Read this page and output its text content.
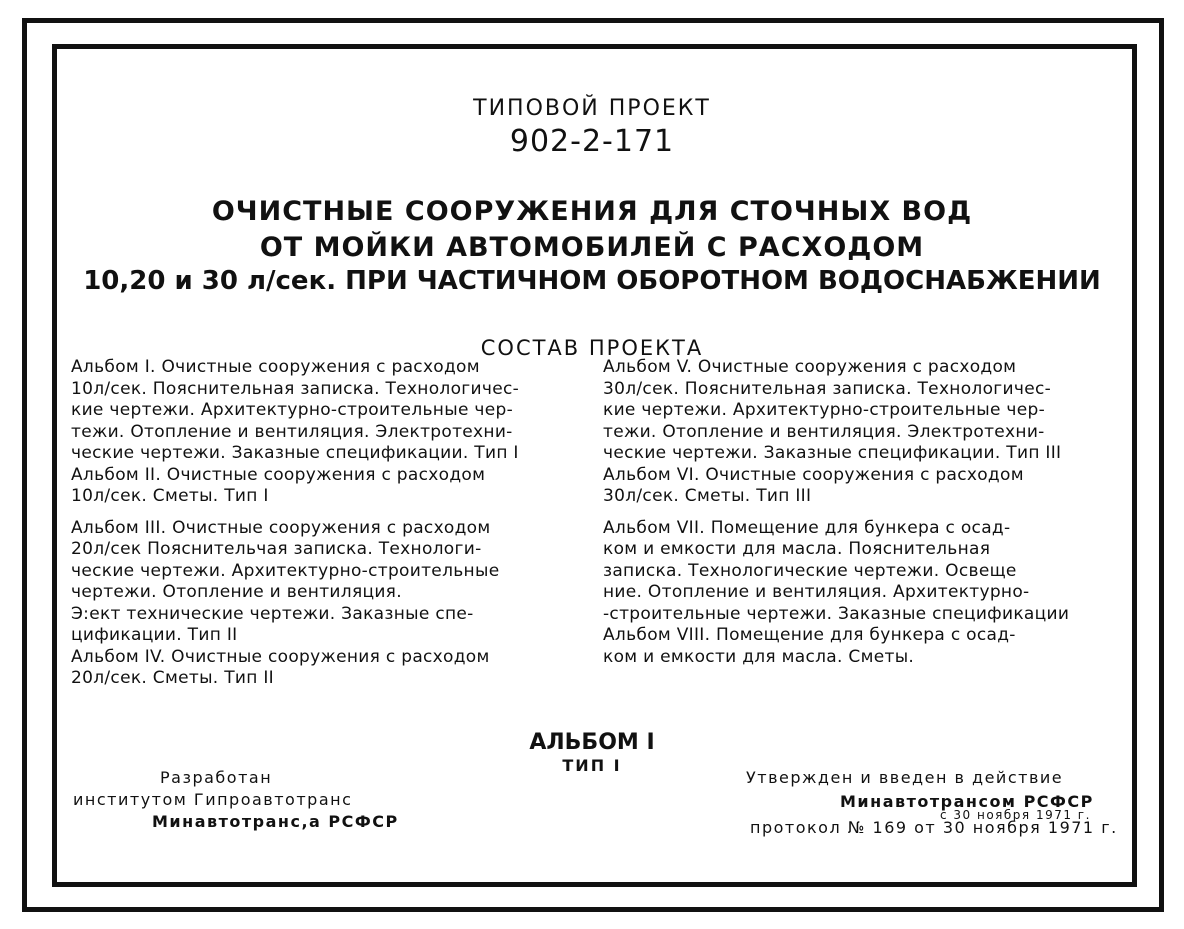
ТИПОВОЙ ПРОЕКТ
902-2-171
ОЧИСТНЫЕ СООРУЖЕНИЯ ДЛЯ СТОЧНЫХ ВОД
ОТ МОЙКИ АВТОМОБИЛЕЙ С РАСХОДОМ
10,20 и 30 л/сек. ПРИ ЧАСТИЧНОМ ОБОРОТНОМ ВОДОСНАБЖЕНИИ
СОСТАВ ПРОЕКТА
Альбом I. Очистные сооружения с расходом
10л/сек. Пояснительная записка. Технологичес-
кие чертежи. Архитектурно-строительные чер-
тежи. Отопление и вентиляция. Электротехни-
ческие чертежи. Заказные спецификации. Тип I
Альбом II. Очистные сооружения с расходом
10л/сек. Сметы. Тип I
Альбом III. Очистные сооружения с расходом
20л/сек Пояснительчая записка. Технологи-
ческие чертежи. Архитектурно-строительные
чертежи. Отопление и вентиляция.
Э:ект технические чертежи. Заказные спе-
цификации. Тип II
Альбом IV. Очистные сооружения с расходом
20л/сек. Сметы. Тип II
Альбом V. Очистные сооружения с расходом
30л/сек. Пояснительная записка. Технологичес-
кие чертежи. Архитектурно-строительные чер-
тежи. Отопление и вентиляция. Электротехни-
ческие чертежи. Заказные спецификации. Тип III
Альбом VI. Очистные сооружения с расходом
30л/сек. Сметы. Тип III
Альбом VII. Помещение для бункера с осад-
ком и емкости для масла. Пояснительная
записка. Технологические чертежи. Освеще
ние. Отопление и вентиляция. Архитектурно-
-строительные чертежи. Заказные спецификации
Альбом VIII. Помещение для бункера с осад-
ком и емкости для масла. Сметы.
АЛЬБОМ I
ТИП I
Разработан
институтом Гипроавтотранс
Минавтотранс,а РСФСР
Утвержден и введен в действие
Минавтотрансом РСФСР
с 30 ноября 1971 г.
протокол № 169 от 30 ноября 1971 г.
